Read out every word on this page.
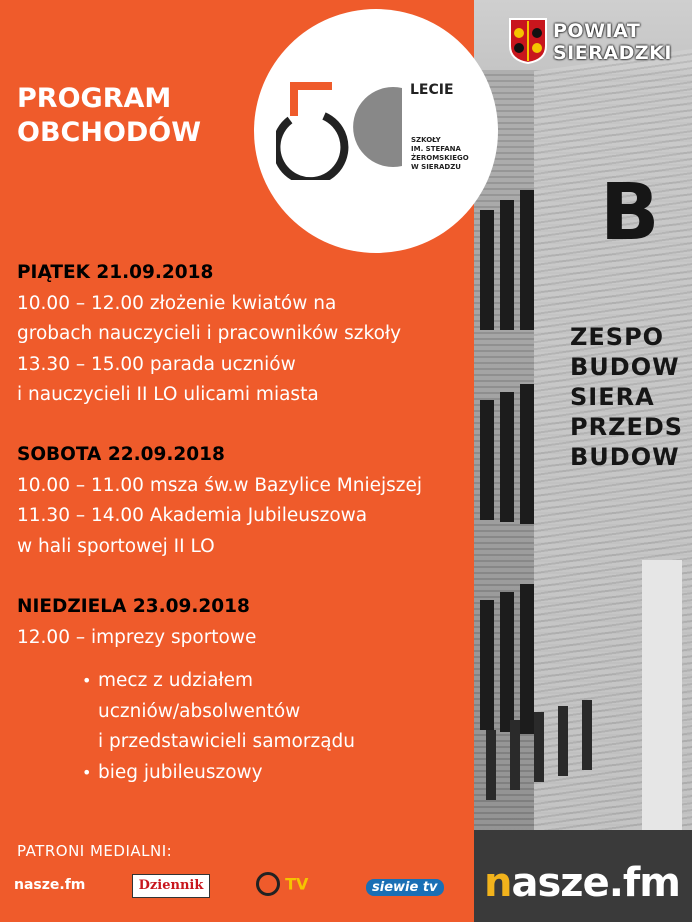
B
ZESPO
BUDOW
SIERA
PRZEDS
BUDOW
LECIE
SZKOŁY
IM. STEFANA
ŻEROMSKIEGO
W SIERADZU
POWIAT
SIERADZKI
PROGRAM
OBCHODÓW
PIĄTEK 21.09.2018
10.00 – 12.00 złożenie kwiatów na
grobach nauczycieli i pracowników szkoły
13.30 – 15.00 parada uczniów
i nauczycieli II LO ulicami miasta
SOBOTA 22.09.2018
10.00 – 11.00 msza św.w Bazylice Mniejszej
11.30 – 14.00 Akademia Jubileuszowa
w hali sportowej II LO
NIEDZIELA 23.09.2018
12.00 – imprezy sportowe
• mecz z udziałem
uczniów/absolwentów
i przedstawicieli samorządu
• bieg jubileuszowy
PATRONI MEDIALNI:
nasze.fm	Dziennik	TV	siewie tv	nasze.fm
